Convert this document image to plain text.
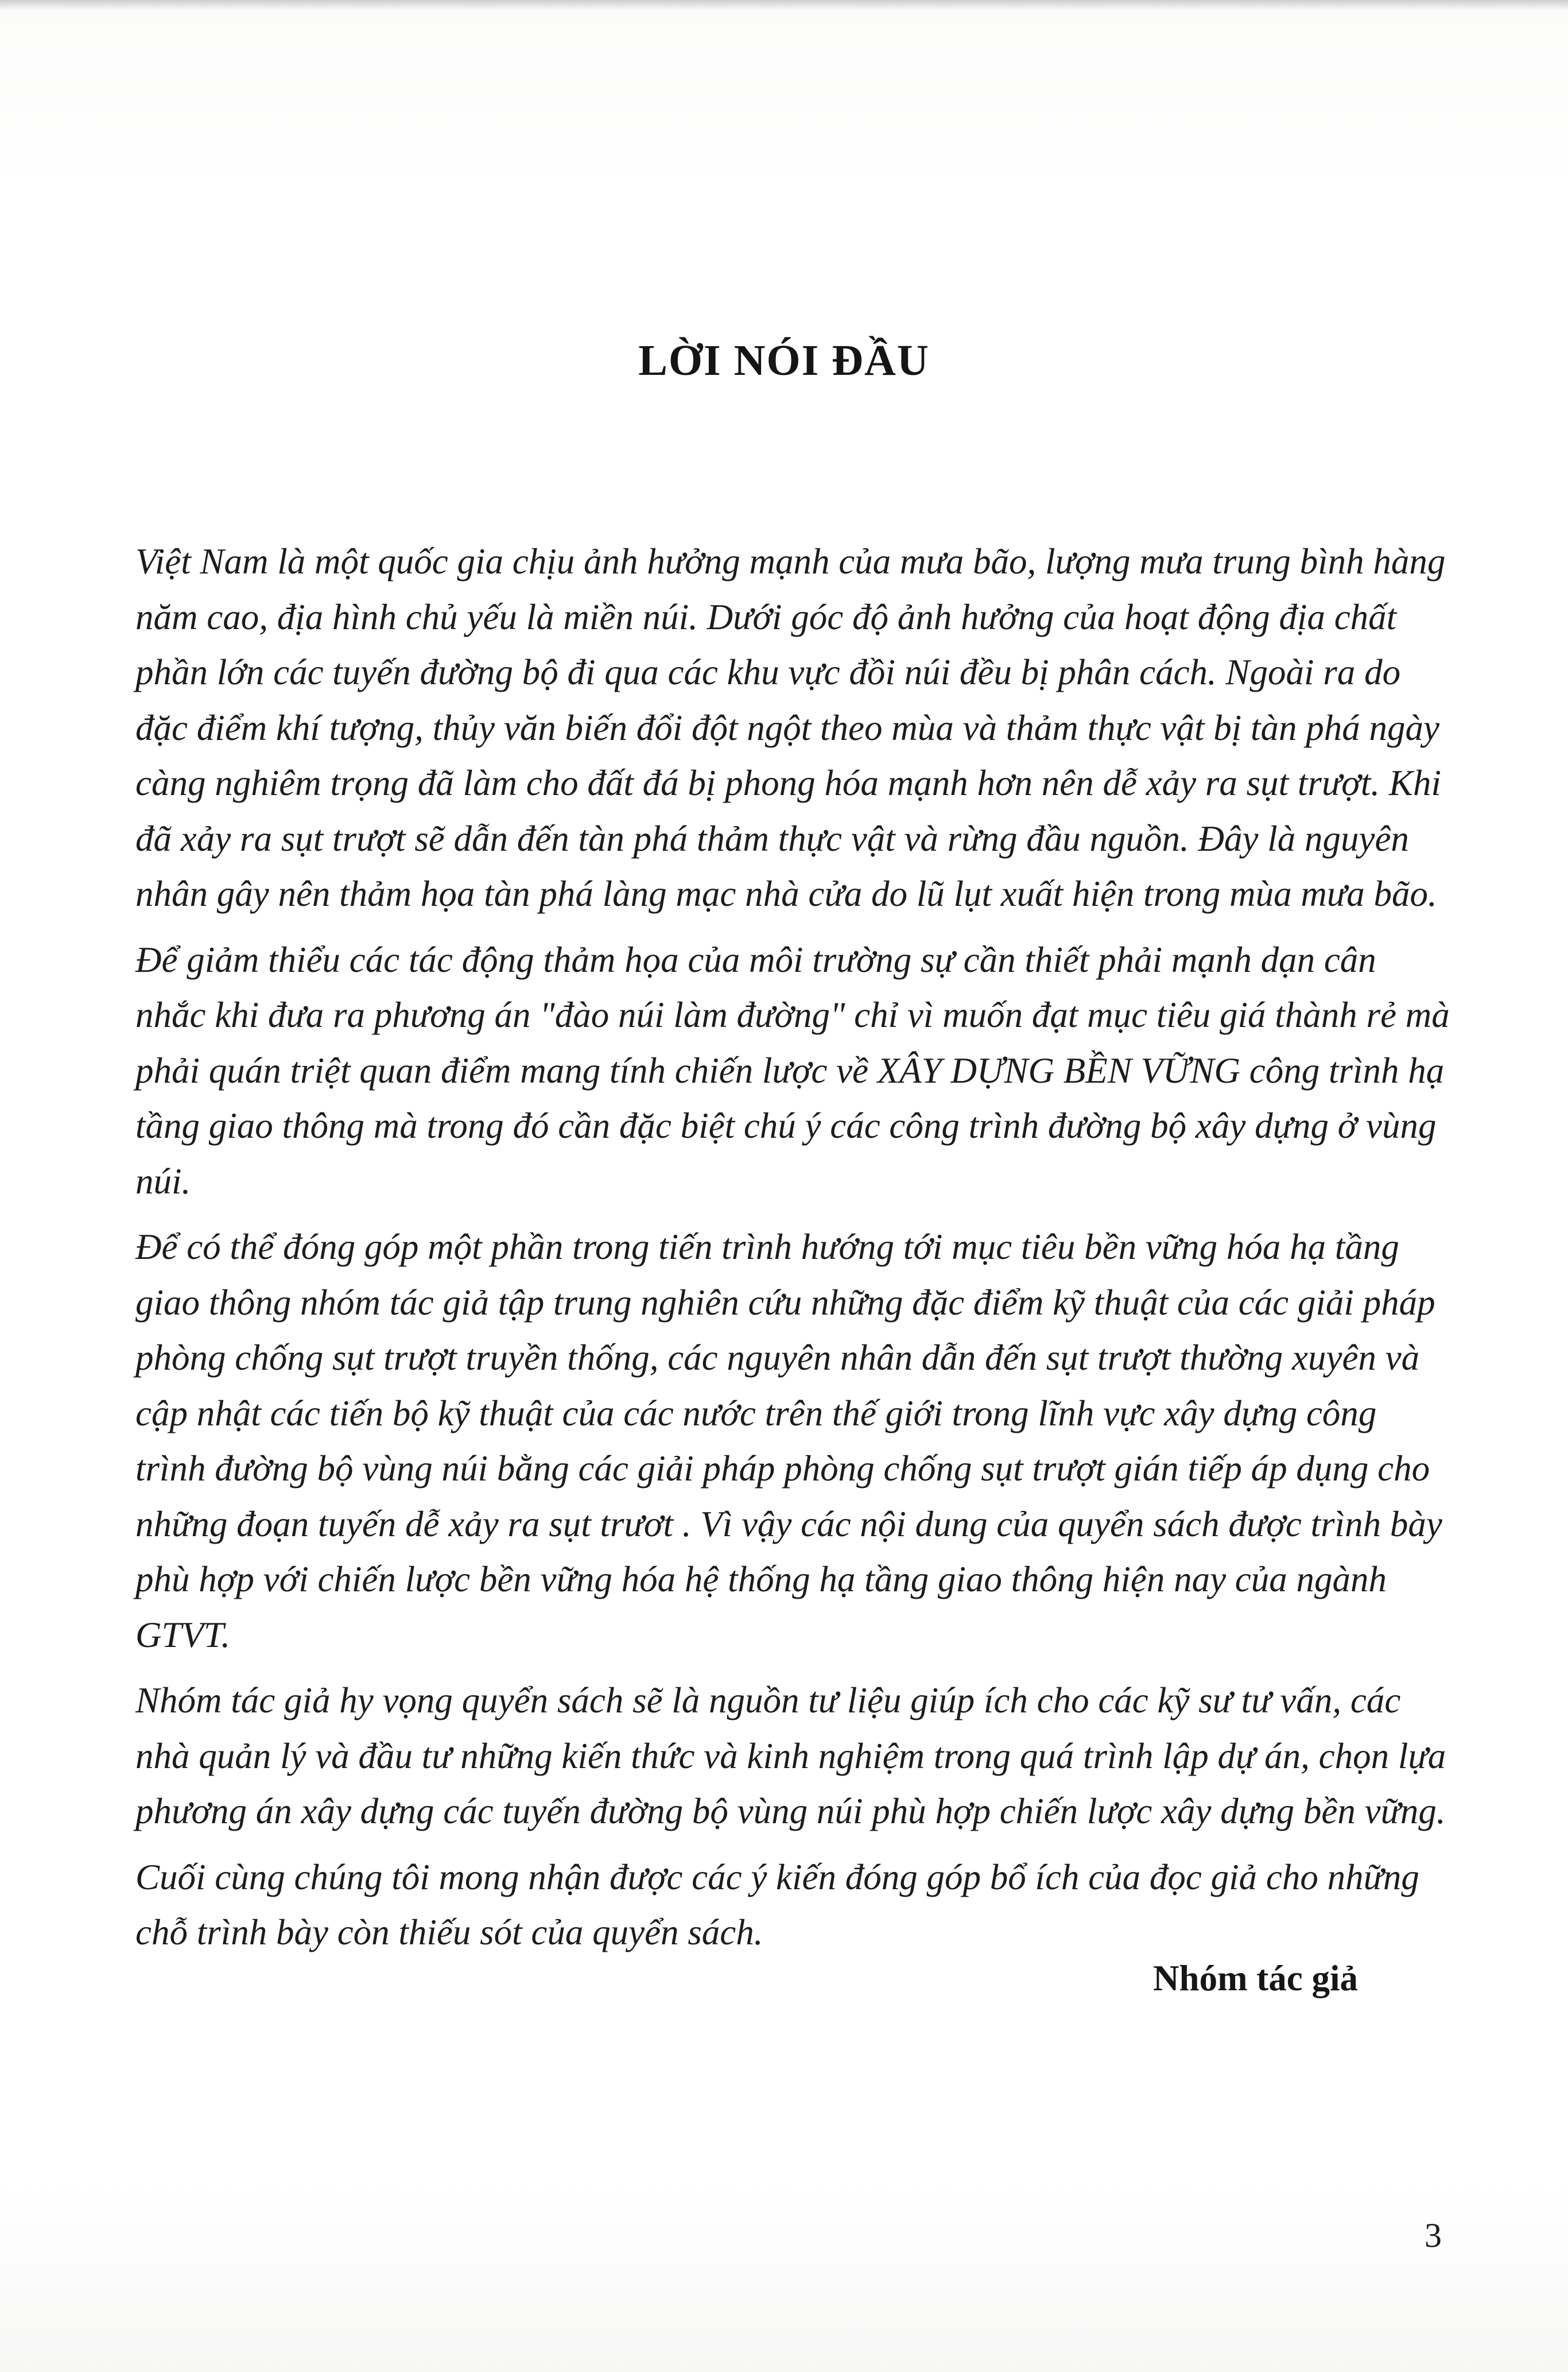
LỜI NÓI ĐẦU

Việt Nam là một quốc gia chịu ảnh hưởng mạnh của mưa bão, lượng mưa trung bình hàng năm cao, địa hình chủ yếu là miền núi. Dưới góc độ ảnh hưởng của hoạt động địa chất phần lớn các tuyến đường bộ đi qua các khu vực đồi núi đều bị phân cách. Ngoài ra do đặc điểm khí tượng, thủy văn biến đổi đột ngột theo mùa và thảm thực vật bị tàn phá ngày càng nghiêm trọng đã làm cho đất đá bị phong hóa mạnh hơn nên dễ xảy ra sụt trượt. Khi đã xảy ra sụt trượt sẽ dẫn đến tàn phá thảm thực vật và rừng đầu nguồn. Đây là nguyên nhân gây nên thảm họa tàn phá làng mạc nhà cửa do lũ lụt xuất hiện trong mùa mưa bão.

Để giảm thiểu các tác động thảm họa của môi trường sự cần thiết phải mạnh dạn cân nhắc khi đưa ra phương án "đào núi làm đường" chỉ vì muốn đạt mục tiêu giá thành rẻ mà phải quán triệt quan điểm mang tính chiến lược về XÂY DỰNG BỀN VỮNG công trình hạ tầng giao thông mà trong đó cần đặc biệt chú ý các công trình đường bộ xây dựng ở vùng núi.

Để có thể đóng góp một phần trong tiến trình hướng tới mục tiêu bền vững hóa hạ tầng giao thông nhóm tác giả tập trung nghiên cứu những đặc điểm kỹ thuật của các giải pháp phòng chống sụt trượt truyền thống, các nguyên nhân dẫn đến sụt trượt thường xuyên và cập nhật các tiến bộ kỹ thuật của các nước trên thế giới trong lĩnh vực xây dựng công trình đường bộ vùng núi bằng các giải pháp phòng chống sụt trượt gián tiếp áp dụng cho những đoạn tuyến dễ xảy ra sụt trươt . Vì vậy các nội dung của quyển sách được trình bày phù hợp với chiến lược bền vững hóa hệ thống hạ tầng giao thông hiện nay của ngành GTVT.

Nhóm tác giả hy vọng quyển sách sẽ là nguồn tư liệu giúp ích cho các kỹ sư tư vấn, các nhà quản lý và đầu tư những kiến thức và kinh nghiệm trong quá trình lập dự án, chọn lựa phương án xây dựng các tuyến đường bộ vùng núi phù hợp chiến lược xây dựng bền vững.

Cuối cùng chúng tôi mong nhận được các ý kiến đóng góp bổ ích của đọc giả cho những chỗ trình bày còn thiếu sót của quyển sách.

Nhóm tác giả

3
